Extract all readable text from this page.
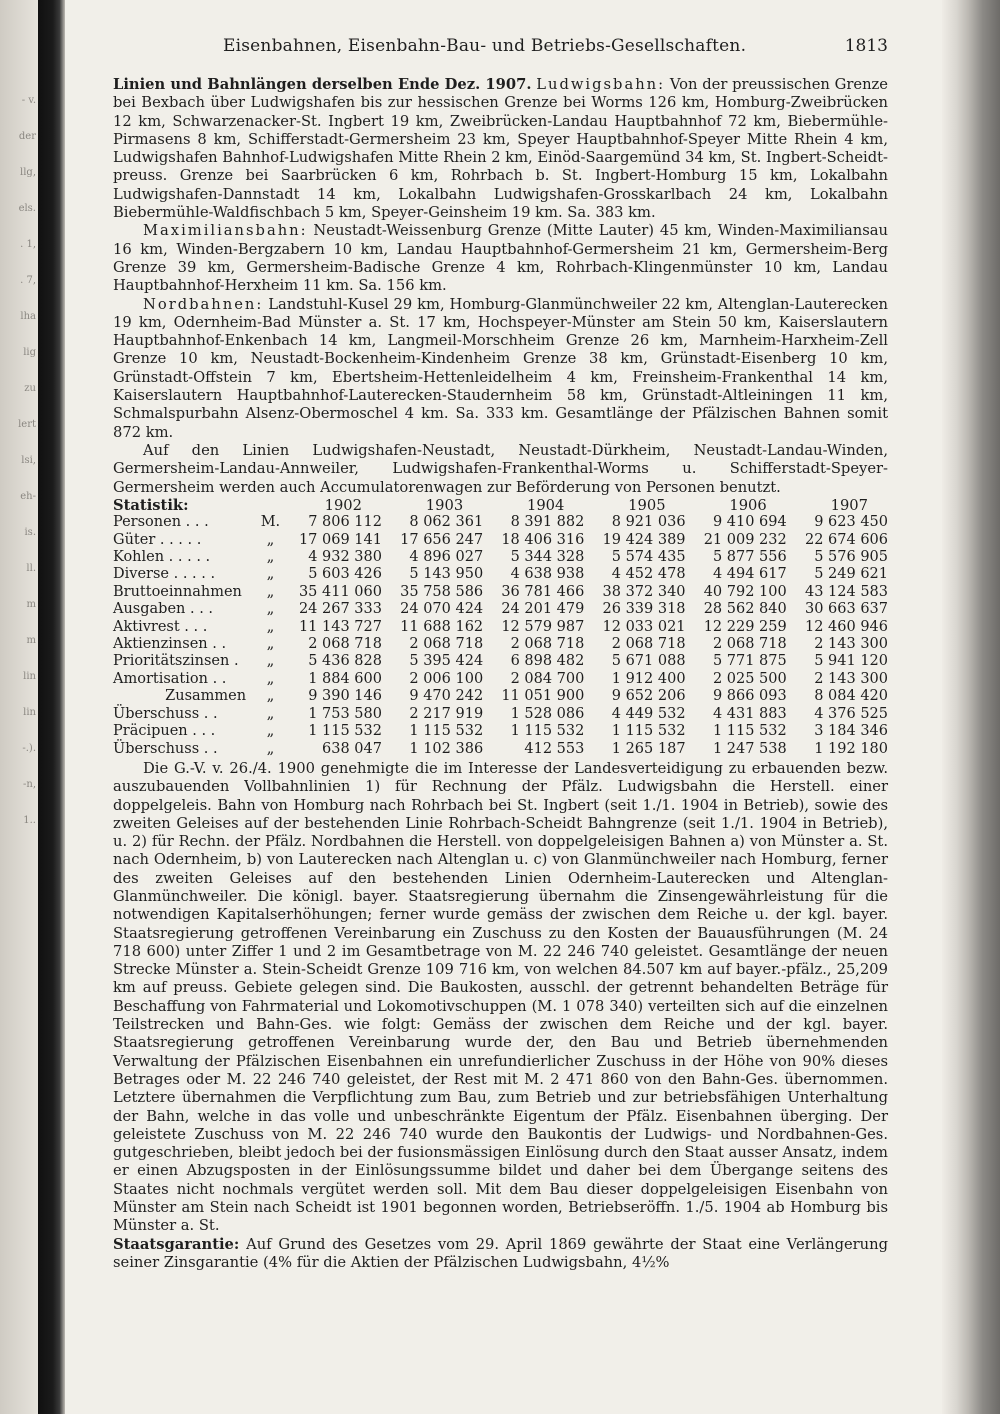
- v.
der
llg,
els.
. 1,
. 7,
lha
lig
zu
lert
lsi,
eh-
is.
ll.
m
m
lin
lin
-.).
-n,
1..
Eisenbahnen, Eisenbahn-Bau- und Betriebs-Gesellschaften.	1813

Linien und Bahnlängen derselben Ende Dez. 1907. Ludwigsbahn: Von der preussischen Grenze bei Bexbach über Ludwigshafen bis zur hessischen Grenze bei Worms 126 km, Homburg-Zweibrücken 12 km, Schwarzenacker-St. Ingbert 19 km, Zweibrücken-Landau Hauptbahnhof 72 km, Biebermühle-Pirmasens 8 km, Schifferstadt-Germersheim 23 km, Speyer Hauptbahnhof-Speyer Mitte Rhein 4 km, Ludwigshafen Bahnhof-Ludwigshafen Mitte Rhein 2 km, Einöd-Saargemünd 34 km, St. Ingbert-Scheidt-preuss. Grenze bei Saarbrücken 6 km, Rohrbach b. St. Ingbert-Homburg 15 km, Lokalbahn Ludwigshafen-Dannstadt 14 km, Lokalbahn Ludwigshafen-Grosskarlbach 24 km, Lokalbahn Biebermühle-Waldfischbach 5 km, Speyer-Geinsheim 19 km. Sa. 383 km.

Maximiliansbahn: Neustadt-Weissenburg Grenze (Mitte Lauter) 45 km, Winden-Maximiliansau 16 km, Winden-Bergzabern 10 km, Landau Hauptbahnhof-Germersheim 21 km, Germersheim-Berg Grenze 39 km, Germersheim-Badische Grenze 4 km, Rohrbach-Klingenmünster 10 km, Landau Hauptbahnhof-Herxheim 11 km. Sa. 156 km.

Nordbahnen: Landstuhl-Kusel 29 km, Homburg-Glanmünchweiler 22 km, Altenglan-Lauterecken 19 km, Odernheim-Bad Münster a. St. 17 km, Hochspeyer-Münster am Stein 50 km, Kaiserslautern Hauptbahnhof-Enkenbach 14 km, Langmeil-Morschheim Grenze 26 km, Marnheim-Harxheim-Zell Grenze 10 km, Neustadt-Bockenheim-Kindenheim Grenze 38 km, Grünstadt-Eisenberg 10 km, Grünstadt-Offstein 7 km, Ebertsheim-Hettenleidelheim 4 km, Freinsheim-Frankenthal 14 km, Kaiserslautern Hauptbahnhof-Lauterecken-Staudernheim 58 km, Grünstadt-Altleiningen 11 km, Schmalspurbahn Alsenz-Obermoschel 4 km. Sa. 333 km. Gesamtlänge der Pfälzischen Bahnen somit 872 km.

Auf den Linien Ludwigshafen-Neustadt, Neustadt-Dürkheim, Neustadt-Landau-Winden, Germersheim-Landau-Annweiler, Ludwigshafen-Frankenthal-Worms u. Schifferstadt-Speyer-Germersheim werden auch Accumulatorenwagen zur Beförderung von Personen benutzt.

Statistik:		1902	1903	1904	1905	1906	1907
Personen . . .	M.	7 806 112	8 062 361	8 391 882	8 921 036	9 410 694	9 623 450
Güter . . . . .	„	17 069 141	17 656 247	18 406 316	19 424 389	21 009 232	22 674 606
Kohlen . . . . .	„	4 932 380	4 896 027	5 344 328	5 574 435	5 877 556	5 576 905
Diverse . . . . .	„	5 603 426	5 143 950	4 638 938	4 452 478	4 494 617	5 249 621
Bruttoeinnahmen	„	35 411 060	35 758 586	36 781 466	38 372 340	40 792 100	43 124 583
Ausgaben . . .	„	24 267 333	24 070 424	24 201 479	26 339 318	28 562 840	30 663 637
Aktivrest . . .	„	11 143 727	11 688 162	12 579 987	12 033 021	12 229 259	12 460 946
Aktienzinsen . .	„	2 068 718	2 068 718	2 068 718	2 068 718	2 068 718	2 143 300
Prioritätszinsen .	„	5 436 828	5 395 424	6 898 482	5 671 088	5 771 875	5 941 120
Amortisation . .	„	1 884 600	2 006 100	2 084 700	1 912 400	2 025 500	2 143 300
Zusammen	„	9 390 146	9 470 242	11 051 900	9 652 206	9 866 093	8 084 420
Überschuss . .	„	1 753 580	2 217 919	1 528 086	4 449 532	4 431 883	4 376 525
Präcipuen . . .	„	1 115 532	1 115 532	1 115 532	1 115 532	1 115 532	3 184 346
Überschuss . .	„	638 047	1 102 386	412 553	1 265 187	1 247 538	1 192 180

Die G.-V. v. 26./4. 1900 genehmigte die im Interesse der Landesverteidigung zu erbauenden bezw. auszubauenden Vollbahnlinien 1) für Rechnung der Pfälz. Ludwigsbahn die Herstell. einer doppelgeleis. Bahn von Homburg nach Rohrbach bei St. Ingbert (seit 1./1. 1904 in Betrieb), sowie des zweiten Geleises auf der bestehenden Linie Rohrbach-Scheidt Bahngrenze (seit 1./1. 1904 in Betrieb), u. 2) für Rechn. der Pfälz. Nordbahnen die Herstell. von doppelgeleisigen Bahnen a) von Münster a. St. nach Odernheim, b) von Lauterecken nach Altenglan u. c) von Glanmünchweiler nach Homburg, ferner des zweiten Geleises auf den bestehenden Linien Odernheim-Lauterecken und Altenglan-Glanmünchweiler. Die königl. bayer. Staatsregierung übernahm die Zinsengewährleistung für die notwendigen Kapitalserhöhungen; ferner wurde gemäss der zwischen dem Reiche u. der kgl. bayer. Staatsregierung getroffenen Vereinbarung ein Zuschuss zu den Kosten der Bauausführungen (M. 24 718 600) unter Ziffer 1 und 2 im Gesamtbetrage von M. 22 246 740 geleistet. Gesamtlänge der neuen Strecke Münster a. Stein-Scheidt Grenze 109 716 km, von welchen 84.507 km auf bayer.-pfälz., 25,209 km auf preuss. Gebiete gelegen sind. Die Baukosten, ausschl. der getrennt behandelten Beträge für Beschaffung von Fahrmaterial und Lokomotivschuppen (M. 1 078 340) verteilten sich auf die einzelnen Teilstrecken und Bahn-Ges. wie folgt: Gemäss der zwischen dem Reiche und der kgl. bayer. Staatsregierung getroffenen Vereinbarung wurde der, den Bau und Betrieb übernehmenden Verwaltung der Pfälzischen Eisenbahnen ein unrefundierlicher Zuschuss in der Höhe von 90% dieses Betrages oder M. 22 246 740 geleistet, der Rest mit M. 2 471 860 von den Bahn-Ges. übernommen. Letztere übernahmen die Verpflichtung zum Bau, zum Betrieb und zur betriebsfähigen Unterhaltung der Bahn, welche in das volle und unbeschränkte Eigentum der Pfälz. Eisenbahnen überging. Der geleistete Zuschuss von M. 22 246 740 wurde den Baukontis der Ludwigs- und Nordbahnen-Ges. gutgeschrieben, bleibt jedoch bei der fusionsmässigen Einlösung durch den Staat ausser Ansatz, indem er einen Abzugsposten in der Einlösungssumme bildet und daher bei dem Übergange seitens des Staates nicht nochmals vergütet werden soll. Mit dem Bau dieser doppelgeleisigen Eisenbahn von Münster am Stein nach Scheidt ist 1901 begonnen worden, Betriebseröffn. 1./5. 1904 ab Homburg bis Münster a. St.

Staatsgarantie: Auf Grund des Gesetzes vom 29. April 1869 gewährte der Staat eine Verlängerung seiner Zinsgarantie (4% für die Aktien der Pfälzischen Ludwigsbahn, 4½%
